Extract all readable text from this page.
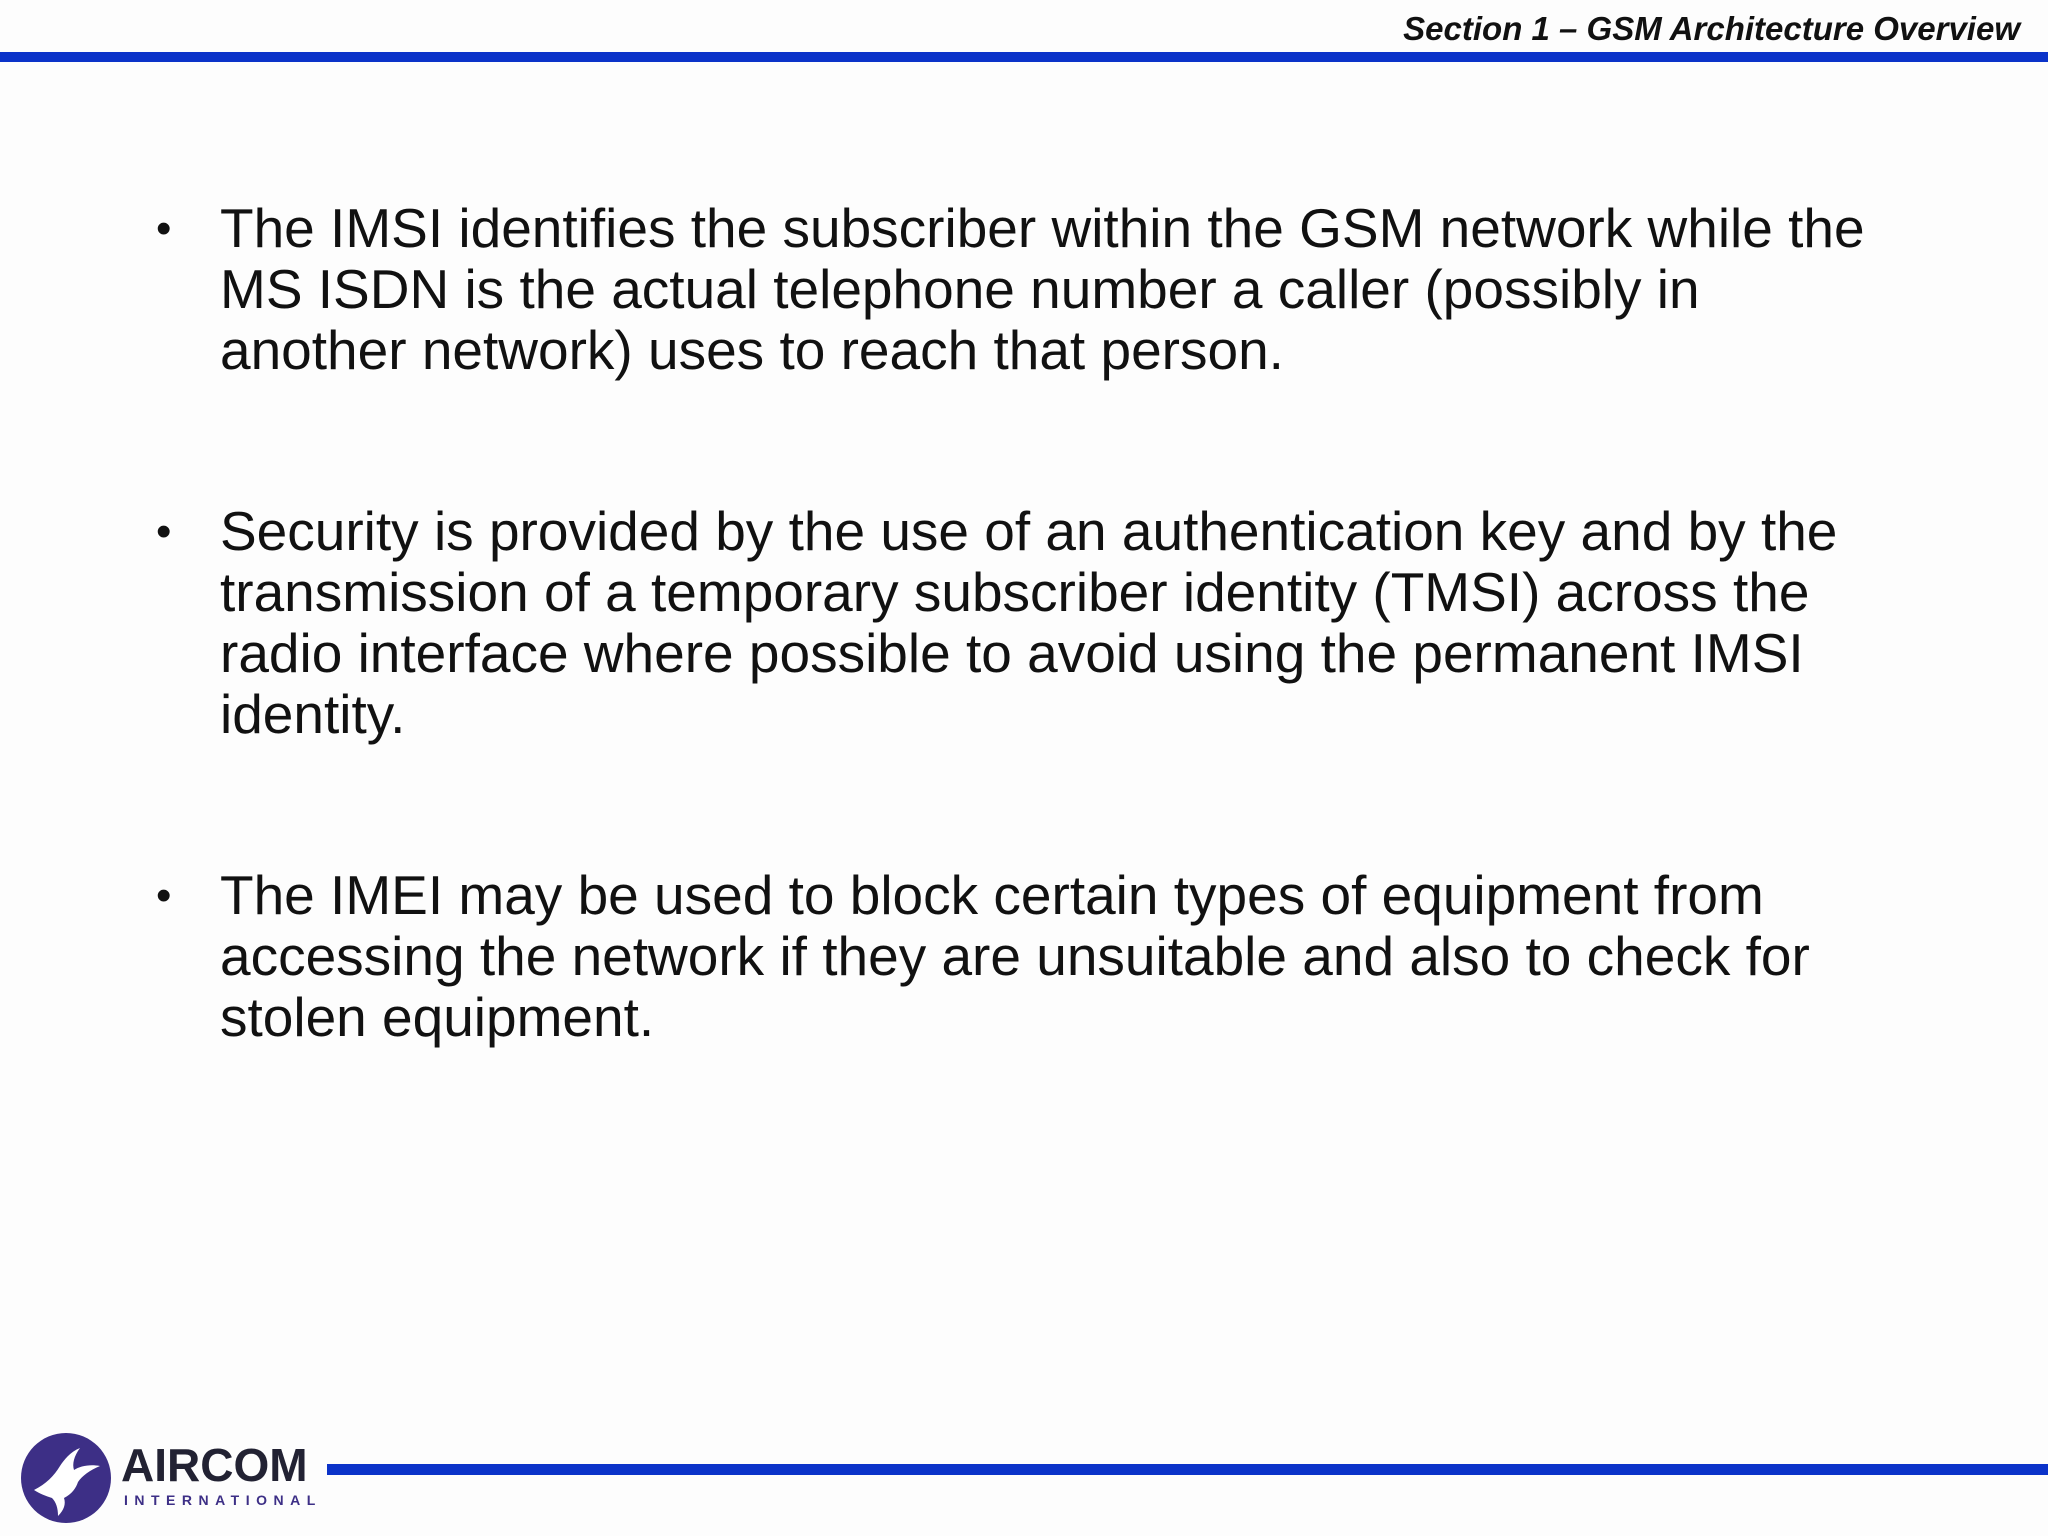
Section 1 – GSM Architecture Overview
• The IMSI identifies the subscriber within the GSM network while the MS ISDN is the actual telephone number a caller (possibly in another network) uses to reach that person.
• Security is provided by the use of an authentication key and by the transmission of a temporary subscriber identity (TMSI) across the radio interface where possible to avoid using the permanent IMSI identity.
• The IMEI may be used to block certain types of equipment from accessing the network if they are unsuitable and also to check for stolen equipment.
AIRCOM
INTERNATIONAL
